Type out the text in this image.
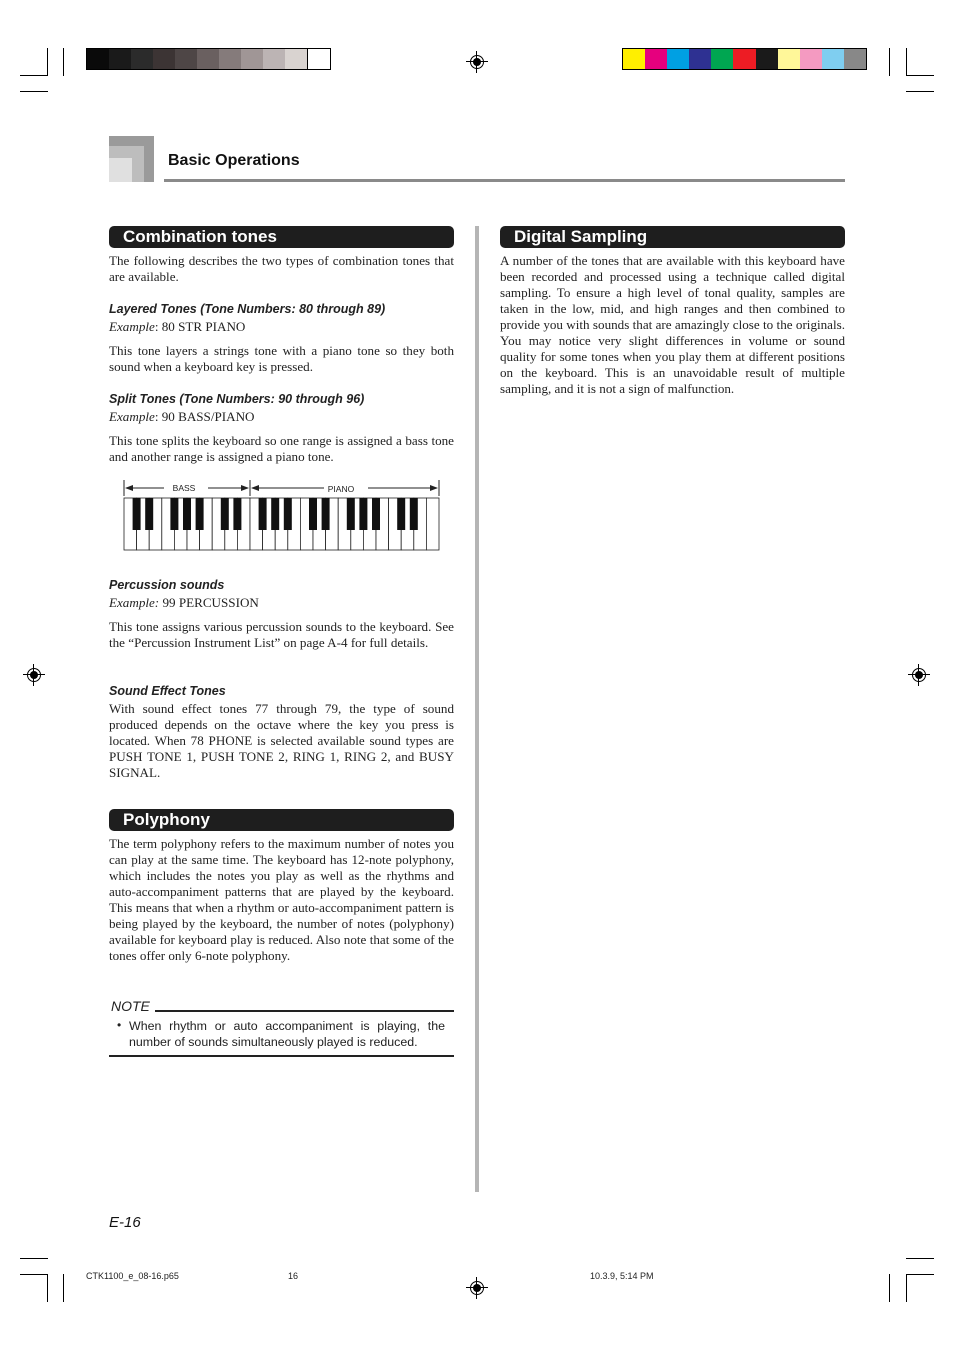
Basic Operations
Combination tones

The following describes the two types of combination tones that are available.

Layered Tones (Tone Numbers: 80 through 89)

Example: 80 STR PIANO

This tone layers a strings tone with a piano tone so they both sound when a keyboard key is pressed.

Split Tones (Tone Numbers: 90 through 96)

Example: 90 BASS/PIANO

This tone splits the keyboard so one range is assigned a bass tone and another range is assigned a piano tone.

BASS	PIANO

Percussion sounds

Example: 99 PERCUSSION

This tone assigns various percussion sounds to the keyboard. See the “Percussion Instrument List” on page A-4 for full details.

Sound Effect Tones

With sound effect tones 77 through 79, the type of sound produced depends on the octave where the key you press is located. When 78 PHONE is selected available sound types are PUSH TONE 1, PUSH TONE 2, RING 1, RING 2, and BUSY SIGNAL.

Polyphony

The term polyphony refers to the maximum number of notes you can play at the same time. The keyboard has 12-note polyphony, which includes the notes you play as well as the rhythms and auto-accompaniment patterns that are played by the keyboard. This means that when a rhythm or auto-accompaniment pattern is being played by the keyboard, the number of notes (polyphony) available for keyboard play is reduced. Also note that some of the tones offer only 6-note polyphony.

NOTE
• When rhythm or auto accompaniment is playing, the number of sounds simultaneously played is reduced.
Digital Sampling

A number of the tones that are available with this keyboard have been recorded and processed using a technique called digital sampling. To ensure a high level of tonal quality, samples are taken in the low, mid, and high ranges and then combined to provide you with sounds that are amazingly close to the originals. You may notice very slight differences in volume or sound quality for some tones when you play them at different positions on the keyboard. This is an unavoidable result of multiple sampling, and it is not a sign of malfunction.

E-16
CTK1100_e_08-16.p65	16	10.3.9, 5:14 PM
